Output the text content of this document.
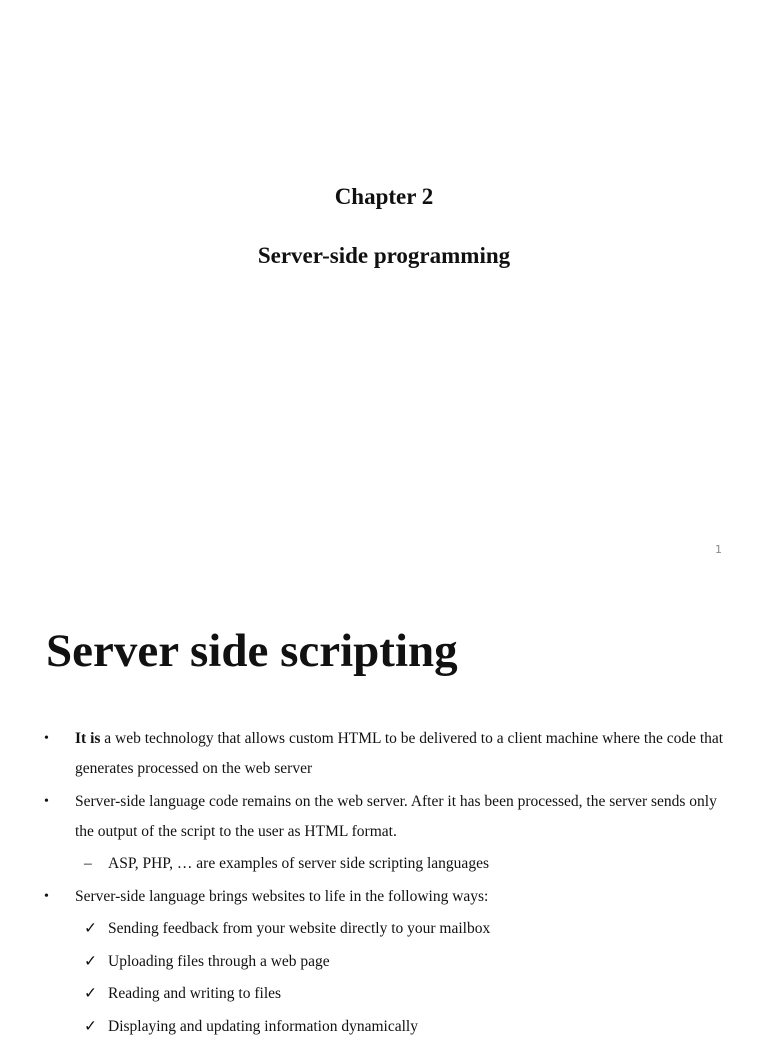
Chapter 2
Server-side programming
1
Server side scripting
• It is a web technology that allows custom HTML to be delivered to a client machine where the code that generates processed on the web server
• Server-side language code remains on the web server. After it has been processed, the server sends only the output of the script to the user as HTML format.
– ASP, PHP, … are examples of server side scripting languages
• Server-side language brings websites to life in the following ways:
✓ Sending feedback from your website directly to your mailbox
✓ Uploading files through a web page
✓ Reading and writing to files
✓ Displaying and updating information dynamically
